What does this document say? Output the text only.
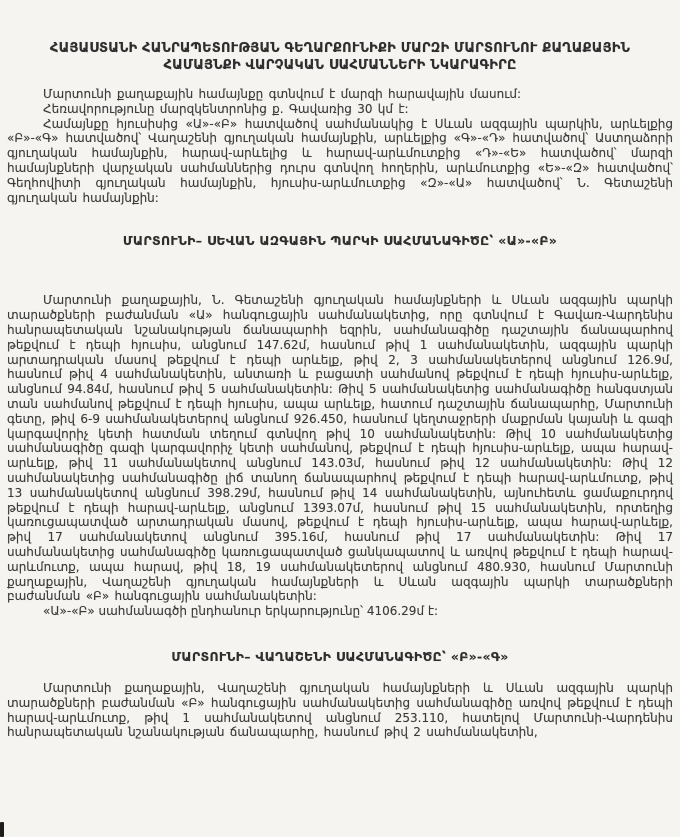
ՀԱՅԱՍՏԱՆԻ ՀԱՆՐԱՊԵՏՈՒԹՅԱՆ ԳԵՂԱՐՔՈՒՆԻՔԻ ՄԱՐԶԻ ՄԱՐՏՈՒՆՈՒ ՔԱՂԱՔԱՅԻՆ
ՀԱՄԱՅՆՔԻ ՎԱՐՉԱԿԱՆ ՍԱՀՄԱՆՆԵՐԻ ՆԿԱՐԱԳԻՐԸ

Մարտունի քաղաքային համայնքը գտնվում է մարզի հարավային մասում:

Հեռավորությունը մարզկենտրոնից ք. Գավառից 30 կմ է:

Համայնքը հյուսիսից «Ա»-«Բ» հատվածով սահմանակից է Սևան ազգային պարկին, արևելքից «Բ»-«Գ» հատվածով՝ Վաղաշենի գյուղական համայնքին, արևելքից «Գ»-«Դ» հատվածով՝ Աստղաձորի գյուղական համայնքին, հարավ-արևելից և հարավ-արևմուտքից «Դ»-«Ե» հատվածով՝ մարզի համայնքների վարչական սահմաններից դուրս գտնվող հողերին, արևմուտքից «Ե»-«Զ» հատվածով՝ Գեղհովիտի գյուղական համայնքին, հյուսիս-արևմուտքից «Զ»-«Ա» հատվածով՝ Ն. Գետաշենի գյուղական համայնքին:

ՄԱՐՏՈՒՆԻ– ՍԵՎԱՆ ԱԶԳԱՅԻՆ ՊԱՐԿԻ ՍԱՀՄԱՆԱԳԻԾԸ՝ «Ա»-«Բ»

Մարտունի քաղաքային, Ն. Գետաշենի գյուղական համայնքների և Սևան ազգային պարկի տարածքների բաժանման «Ա» հանգուցային սահմանակետից, որը գտնվում է Գավառ-Վարդենիս հանրապետական նշանակության ճանապարհի եզրին, սահմանագիծը դաշտային ճանապարհով թեքվում է դեպի հյուսիս, անցնում 147.62մ, հասնում թիվ 1 սահմանակետին, ազգային պարկի արտադրական մասով թեքվում է դեպի արևելք, թիվ 2, 3 սահմանակետերով անցնում 126.9մ, հասնում թիվ 4 սահմանակետին, անտառի և բացատի սահմանով թեքվում է դեպի հյուսիս-արևելք, անցնում 94.84մ, հասնում թիվ 5 սահմանակետին: Թիվ 5 սահմանակետից սահմանագիծը հանգստյան տան սահմանով թեքվում է դեպի հյուսիս, ապա արևելք, հատում դաշտային ճանապարհը, Մարտունի գետը, թիվ 6-9 սահմանակետերով անցնում 926.450, հասնում կեղտաջրերի մաքրման կայանի և գազի կարգավորիչ կետի հատման տեղում գտնվող թիվ 10 սահմանակետին: Թիվ 10 սահմանակետից սահմանագիծը գազի կարգավորիչ կետի սահմանով, թեքվում է դեպի հյուսիս-արևելք, ապա հարավ-արևելք, թիվ 11 սահմանակետով անցնում 143.03մ, հասնում թիվ 12 սահմանակետին: Թիվ 12 սահմանակետից սահմանագիծը լիճ տանող ճանապարհով թեքվում է դեպի հարավ-արևմուտք, թիվ 13 սահմանակետով անցնում 398.29մ, հասնում թիվ 14 սահմանակետին, այնուհետև ցամաքուրդով թեքվում է դեպի հարավ-արևելք, անցնում 1393.07մ, հասնում թիվ 15 սահմանակետին, որտեղից կառուցապատված արտադրական մասով, թեքվում է դեպի հյուսիս-արևելք, ապա հարավ-արևելք, թիվ 17 սահմանակետով անցնում 395.16մ, հասնում թիվ 17 սահմանակետին: Թիվ 17 սահմանակետից սահմանագիծը կառուցապատված ցանկապատով և առվով թեքվում է դեպի հարավ-արևմուտք, ապա հարավ, թիվ 18, 19 սահմանակետերով անցնում 480.930, հասնում Մարտունի քաղաքային, Վաղաշենի գյուղական համայնքների և Սևան ազգային պարկի տարածքների բաժանման «Բ» հանգուցային սահմանակետին:

«Ա»-«Բ» սահմանագծի ընդհանուր երկարությունը՝ 4106.29մ է:

ՄԱՐՏՈՒՆԻ– ՎԱՂԱՇԵՆԻ ՍԱՀՄԱՆԱԳԻԾԸ՝ «Բ»-«Գ»

Մարտունի քաղաքային, Վաղաշենի գյուղական համայնքների և Սևան ազգային պարկի տարածքների բաժանման «Բ» հանգուցային սահմանակետից սահմանագիծը առվով թեքվում է դեպի հարավ-արևմուտք, թիվ 1 սահմանակետով անցնում 253.110, հատելով Մարտունի-Վարդենիս հանրապետական նշանակության ճանապարհը, հասնում թիվ 2 սահմանակետին,
